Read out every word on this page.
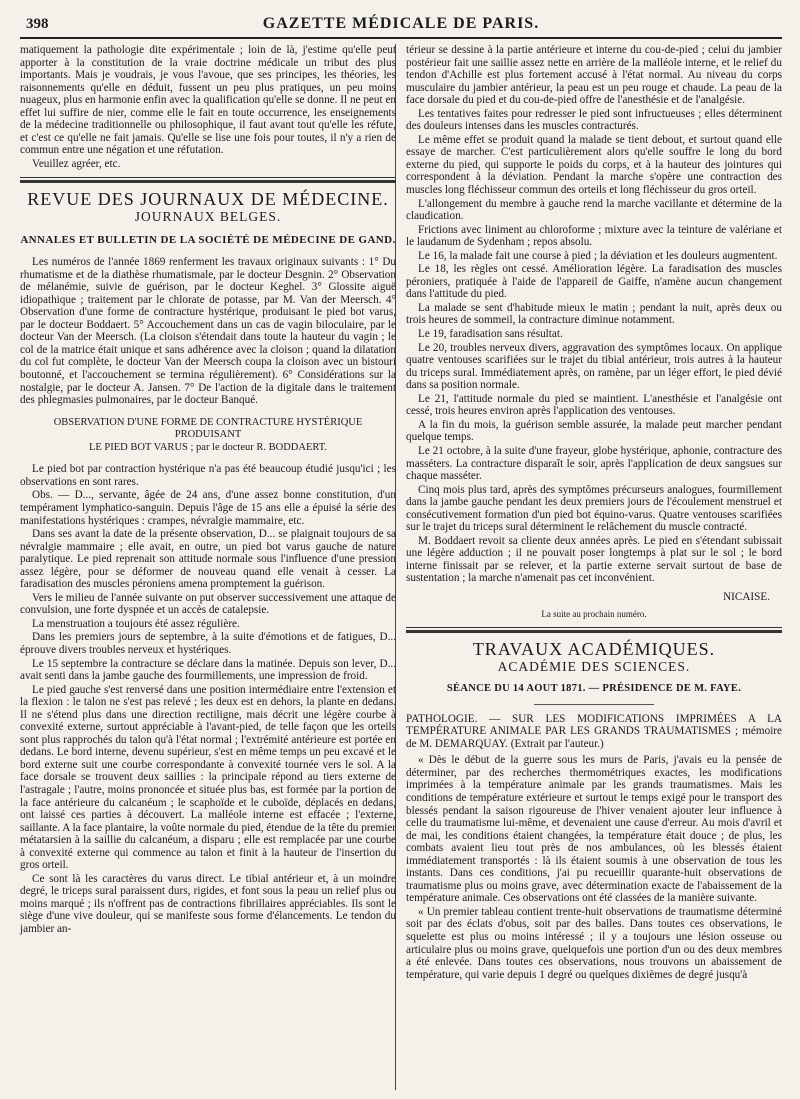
398	GAZETTE MÉDICALE DE PARIS.

matiquement la pathologie dite expérimentale ; loin de là, j'estime qu'elle peut apporter à la constitution de la vraie doctrine médicale un tribut des plus importants. Mais je voudrais, je vous l'avoue, que ses principes, les théories, les raisonnements qu'elle en déduit, fussent un peu plus pratiques, un peu moins nuageux, plus en harmonie enfin avec la qualification qu'elle se donne. Il ne peut en effet lui suffire de nier, comme elle le fait en toute occurrence, les enseignements de la médecine traditionnelle ou philosophique, il faut avant tout qu'elle les réfute, et c'est ce qu'elle ne fait jamais. Qu'elle se lise une fois pour toutes, il n'y a rien de commun entre une négation et une réfutation.

Veuillez agréer, etc.

REVUE DES JOURNAUX DE MÉDECINE.
JOURNAUX BELGES.
ANNALES ET BULLETIN DE LA SOCIÉTÉ DE MÉDECINE DE GAND.

Les numéros de l'année 1869 renferment les travaux originaux suivants : 1° Du rhumatisme et de la diathèse rhumatismale, par le docteur Desgnin. 2° Observation de mélanémie, suivie de guérison, par le docteur Keghel. 3° Glossite aiguë idiopathique ; traitement par le chlorate de potasse, par M. Van der Meersch. 4° Observation d'une forme de contracture hystérique, produisant le pied bot varus, par le docteur Boddaert. 5° Accouchement dans un cas de vagin biloculaire, par le docteur Van der Meersch. (La cloison s'étendait dans toute la hauteur du vagin ; le col de la matrice était unique et sans adhérence avec la cloison ; quand la dilatation du col fut complète, le docteur Van der Meersch coupa la cloison avec un bistouri boutonné, et l'accouchement se termina régulièrement). 6° Considérations sur la nostalgie, par le docteur A. Jansen. 7° De l'action de la digitale dans le traitement des phlegmasies pulmonaires, par le docteur Banqué.

OBSERVATION D'UNE FORME DE CONTRACTURE HYSTÉRIQUE PRODUISANT
LE PIED BOT VARUS ; par le docteur R. BODDAERT.

Le pied bot par contraction hystérique n'a pas été beaucoup étudié jusqu'ici ; les observations en sont rares.

Obs. — D..., servante, âgée de 24 ans, d'une assez bonne constitution, d'un tempérament lymphatico-sanguin. Depuis l'âge de 15 ans elle a épuisé la série des manifestations hystériques : crampes, névralgie mammaire, etc.

Dans ses avant la date de la présente observation, D... se plaignait toujours de sa névralgie mammaire ; elle avait, en outre, un pied bot varus gauche de nature paralytique. Le pied reprenait son attitude normale sous l'influence d'une pression assez légère, pour se déformer de nouveau quand elle venait à cesser. La faradisation des muscles péroniens amena promptement la guérison.

Vers le milieu de l'année suivante on put observer successivement une attaque de convulsion, une forte dyspnée et un accès de catalepsie.

La menstruation a toujours été assez régulière.

Dans les premiers jours de septembre, à la suite d'émotions et de fatigues, D... éprouve divers troubles nerveux et hystériques.

Le 15 septembre la contracture se déclare dans la matinée. Depuis son lever, D... avait senti dans la jambe gauche des fourmillements, une impression de froid.

Le pied gauche s'est renversé dans une position intermédiaire entre l'extension et la flexion : le talon ne s'est pas relevé ; les deux est en dehors, la plante en dedans. Il ne s'étend plus dans une direction rectiligne, mais décrit une légère courbe à convexité externe, surtout appréciable à l'avant-pied, de telle façon que les orteils sont plus rapprochés du talon qu'à l'état normal ; l'extrémité antérieure est portée en dedans. Le bord interne, devenu supérieur, s'est en même temps un peu excavé et le bord externe suit une courbe correspondante à convexité tournée vers le sol. A la face dorsale se trouvent deux saillies : la principale répond au tiers externe de l'astragale ; l'autre, moins prononcée et située plus bas, est formée par la portion de la face antérieure du calcanéum ; le scaphoïde et le cuboïde, déplacés en dedans, ont laissé ces parties à découvert. La malléole interne est effacée ; l'externe, saillante. A la face plantaire, la voûte normale du pied, étendue de la tête du premier métatarsien à la saillie du calcanéum, a disparu ; elle est remplacée par une courbe à convexité externe qui commence au talon et finit à la hauteur de l'insertion du gros orteil.

Ce sont là les caractères du varus direct. Le tibial antérieur et, à un moindre degré, le triceps sural paraissent durs, rigides, et font sous la peau un relief plus ou moins marqué ; ils n'offrent pas de contractions fibrillaires appréciables. Ils sont le siège d'une vive douleur, qui se manifeste sous forme d'élancements. Le tendon du jambier an-

térieur se dessine à la partie antérieure et interne du cou-de-pied ; celui du jambier postérieur fait une saillie assez nette en arrière de la malléole interne, et le relief du tendon d'Achille est plus fortement accusé à l'état normal. Au niveau du corps musculaire du jambier antérieur, la peau est un peu rouge et chaude. La peau de la face dorsale du pied et du cou-de-pied offre de l'anesthésie et de l'analgésie.

Les tentatives faites pour redresser le pied sont infructueuses ; elles déterminent des douleurs intenses dans les muscles contracturés.

Le même effet se produit quand la malade se tient debout, et surtout quand elle essaye de marcher. C'est particulièrement alors qu'elle souffre le long du bord externe du pied, qui supporte le poids du corps, et à la hauteur des jointures qui correspondent à la déviation. Pendant la marche s'opère une contraction des muscles long fléchisseur commun des orteils et long fléchisseur du gros orteil.

L'allongement du membre à gauche rend la marche vacillante et détermine de la claudication.

Frictions avec liniment au chloroforme ; mixture avec la teinture de valériane et le laudanum de Sydenham ; repos absolu.

Le 16, la malade fait une course à pied ; la déviation et les douleurs augmentent.

Le 18, les règles ont cessé. Amélioration légère. La faradisation des muscles péroniers, pratiquée à l'aide de l'appareil de Gaiffe, n'amène aucun changement dans l'attitude du pied.

La malade se sent d'habitude mieux le matin ; pendant la nuit, après deux ou trois heures de sommeil, la contracture diminue notamment.

Le 19, faradisation sans résultat.

Le 20, troubles nerveux divers, aggravation des symptômes locaux. On applique quatre ventouses scarifiées sur le trajet du tibial antérieur, trois autres à la hauteur du triceps sural. Immédiatement après, on ramène, par un léger effort, le pied dévié dans sa position normale.

Le 21, l'attitude normale du pied se maintient. L'anesthésie et l'analgésie ont cessé, trois heures environ après l'application des ventouses.

A la fin du mois, la guérison semble assurée, la malade peut marcher pendant quelque temps.

Le 21 octobre, à la suite d'une frayeur, globe hystérique, aphonie, contracture des masséters. La contracture disparaît le soir, après l'application de deux sangsues sur chaque masséter.

Cinq mois plus tard, après des symptômes précurseurs analogues, fourmillement dans la jambe gauche pendant les deux premiers jours de l'écoulement menstruel et consécutivement formation d'un pied bot équino-varus. Quatre ventouses scarifiées sur le trajet du triceps sural déterminent le relâchement du muscle contracté.

M. Boddaert revoit sa cliente deux années après. Le pied en s'étendant subissait une légère adduction ; il ne pouvait poser longtemps à plat sur le sol ; le bord interne finissait par se relever, et la partie externe servait surtout de base de sustentation ; la marche n'amenait pas cet inconvénient.

NICAISE.
La suite au prochain numéro.
TRAVAUX ACADÉMIQUES.
ACADÉMIE DES SCIENCES.
SÉANCE DU 14 AOUT 1871. — PRÉSIDENCE DE M. FAYE.

PATHOLOGIE. — SUR LES MODIFICATIONS IMPRIMÉES A LA TEMPÉRATURE ANIMALE PAR LES GRANDS TRAUMATISMES ; mémoire de M. DEMARQUAY. (Extrait par l'auteur.)

« Dès le début de la guerre sous les murs de Paris, j'avais eu la pensée de déterminer, par des recherches thermométriques exactes, les modifications imprimées à la température animale par les grands traumatismes. Mais les conditions de température extérieure et surtout le temps exigé pour le transport des blessés pendant la saison rigoureuse de l'hiver venaient ajouter leur influence à celle du traumatisme lui-même, et devenaient une cause d'erreur. Au mois d'avril et de mai, les conditions étaient changées, la température était douce ; de plus, les combats avaient lieu tout près de nos ambulances, où les blessés étaient immédiatement transportés : là ils étaient soumis à une observation de tous les instants. Dans ces conditions, j'ai pu recueillir quarante-huit observations de traumatisme plus ou moins grave, avec détermination exacte de l'abaissement de la température animale. Ces observations ont été classées de la manière suivante.

« Un premier tableau contient trente-huit observations de traumatisme déterminé soit par des éclats d'obus, soit par des balles. Dans toutes ces observations, le squelette est plus ou moins intéressé ; il y a toujours une lésion osseuse ou articulaire plus ou moins grave, quelquefois une portion d'un ou des deux membres a été enlevée. Dans toutes ces observations, nous trouvons un abaissement de température, qui varie depuis 1 degré ou quelques dixièmes de degré jusqu'à
